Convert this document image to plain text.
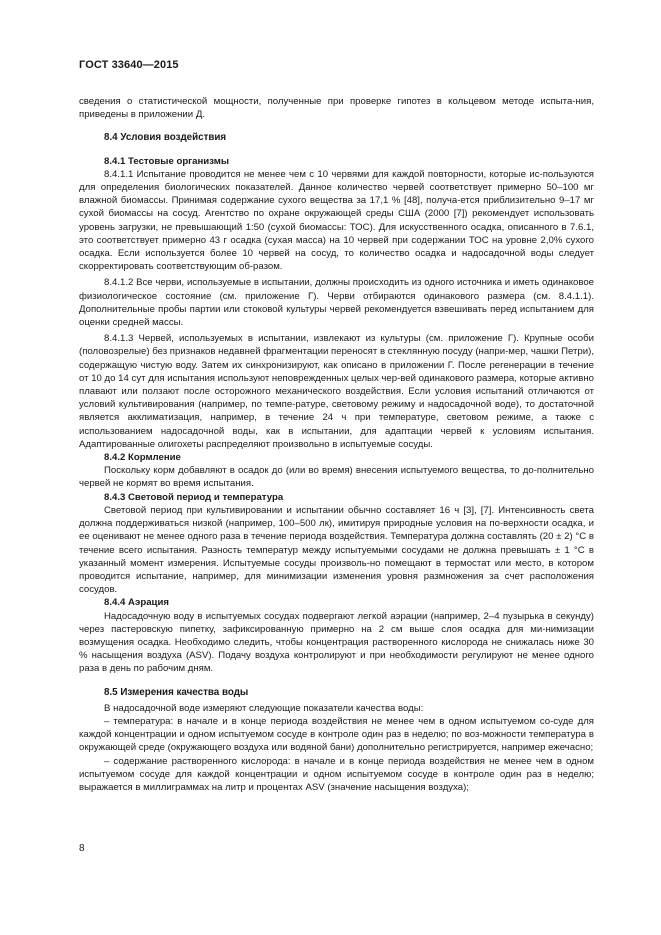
ГОСТ 33640—2015

сведения о статистической мощности, полученные при проверке гипотез в кольцевом методе испыта-ния, приведены в приложении Д.

8.4 Условия воздействия
8.4.1 Тестовые организмы

8.4.1.1 Испытание проводится не менее чем с 10 червями для каждой повторности, которые ис-пользуются для определения биологических показателей. Данное количество червей соответствует примерно 50–100 мг влажной биомассы. Принимая содержание сухого вещества за 17,1 % [48], получа-ется приблизительно 9–17 мг сухой биомассы на сосуд. Агентство по охране окружающей среды США (2000 [7]) рекомендует использовать уровень загрузки, не превышающий 1:50 (сухой биомассы: ТОС). Для искусственного осадка, описанного в 7.6.1, это соответствует примерно 43 г осадка (сухая масса) на 10 червей при содержании ТОС на уровне 2,0% сухого осадка. Если используется более 10 червей на сосуд, то количество осадка и надосадочной воды следует скорректировать соответствующим об-разом.

8.4.1.2 Все черви, используемые в испытании, должны происходить из одного источника и иметь одинаковое физиологическое состояние (см. приложение Г). Черви отбираются одинакового размера (см. 8.4.1.1). Дополнительные пробы партии или стоковой культуры червей рекомендуется взвешивать перед испытанием для оценки средней массы.

8.4.1.3 Червей, используемых в испытании, извлекают из культуры (см. приложение Г). Крупные особи (половозрелые) без признаков недавней фрагментации переносят в стеклянную посуду (напри-мер, чашки Петри), содержащую чистую воду. Затем их синхронизируют, как описано в приложении Г. После регенерации в течение от 10 до 14 сут для испытания используют неповрежденных целых чер-вей одинакового размера, которые активно плавают или ползают после осторожного механического воздействия. Если условия испытаний отличаются от условий культивирования (например, по темпе-ратуре, световому режиму и надосадочной воде), то достаточной является акклиматизация, например, в течение 24 ч при температуре, световом режиме, а также с использованием надосадочной воды, как в испытании, для адаптации червей к условиям испытания. Адаптированные олигохеты распределяют произвольно в испытуемые сосуды.

8.4.2 Кормление

Поскольку корм добавляют в осадок до (или во время) внесения испытуемого вещества, то до-полнительно червей не кормят во время испытания.

8.4.3 Световой период и температура

Световой период при культивировании и испытании обычно составляет 16 ч [3], [7]. Интенсивность света должна поддерживаться низкой (например, 100–500 лк), имитируя природные условия на по-верхности осадка, и ее оценивают не менее одного раза в течение периода воздействия. Температура должна составлять (20 ± 2) °С в течение всего испытания. Разность температур между испытуемыми сосудами не должна превышать ± 1 °С в указанный момент измерения. Испытуемые сосуды произволь-но помещают в термостат или место, в котором проводится испытание, например, для минимизации изменения уровня размножения за счет расположения сосудов.

8.4.4 Аэрация

Надосадочную воду в испытуемых сосудах подвергают легкой аэрации (например, 2–4 пузырька в секунду) через пастеровскую пипетку, зафиксированную примерно на 2 см выше слоя осадка для ми-нимизации возмущения осадка. Необходимо следить, чтобы концентрация растворенного кислорода не снижалась ниже 30 % насыщения воздуха (ASV). Подачу воздуха контролируют и при необходимости регулируют не менее одного раза в день по рабочим дням.

8.5 Измерения качества воды

В надосадочной воде измеряют следующие показатели качества воды:

– температура: в начале и в конце периода воздействия не менее чем в одном испытуемом со-суде для каждой концентрации и одном испытуемом сосуде в контроле один раз в неделю; по воз-можности температура в окружающей среде (окружающего воздуха или водяной бани) дополнительно регистрируется, например ежечасно;

– содержание растворенного кислорода: в начале и в конце периода воздействия не менее чем в одном испытуемом сосуде для каждой концентрации и одном испытуемом сосуде в контроле один раз в неделю; выражается в миллиграммах на литр и процентах ASV (значение насыщения воздуха);

8
